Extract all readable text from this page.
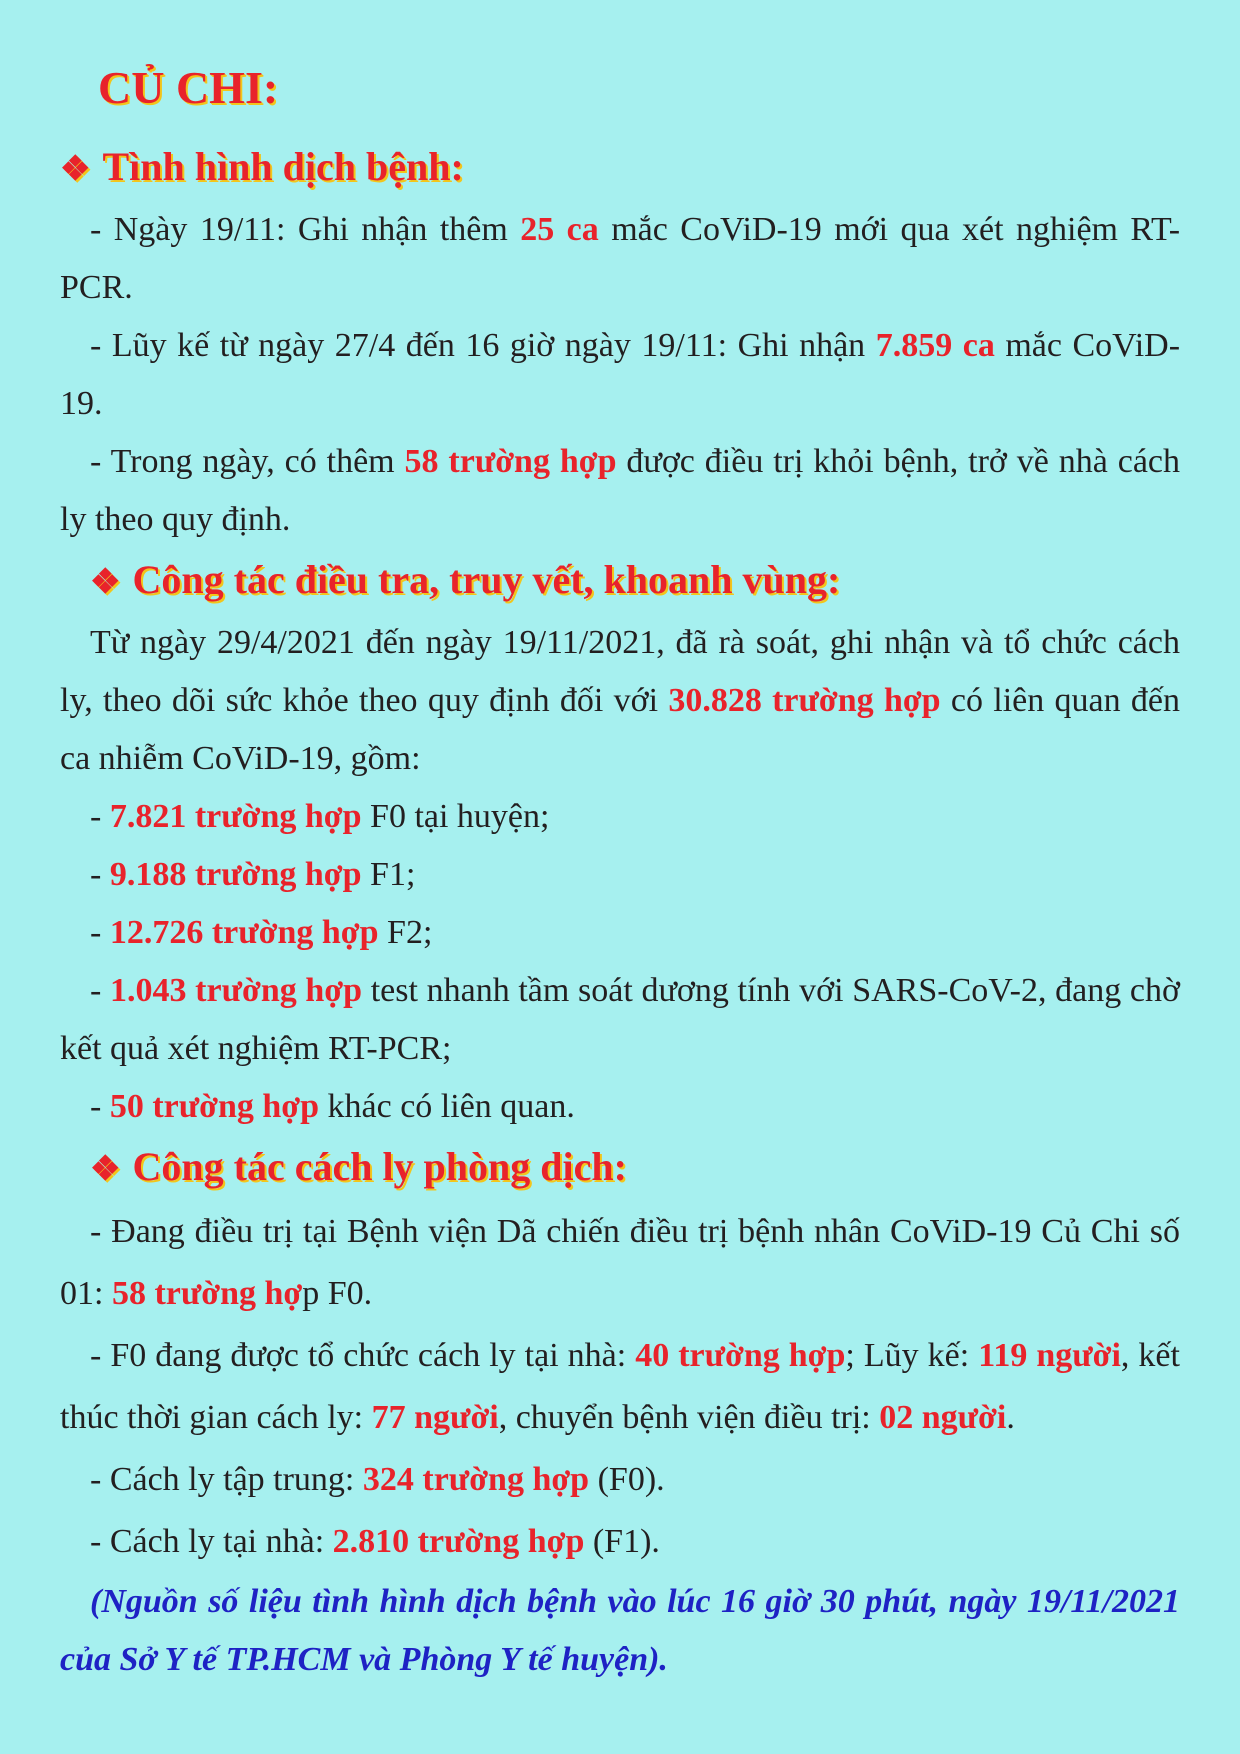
CỦ CHI:
❖ Tình hình dịch bệnh:

- Ngày 19/11: Ghi nhận thêm 25 ca mắc CoViD-19 mới qua xét nghiệm RT-PCR.

- Lũy kế từ ngày 27/4 đến 16 giờ ngày 19/11: Ghi nhận 7.859 ca mắc CoViD-19.

- Trong ngày, có thêm 58 trường hợp được điều trị khỏi bệnh, trở về nhà cách ly theo quy định.

❖ Công tác điều tra, truy vết, khoanh vùng:

Từ ngày 29/4/2021 đến ngày 19/11/2021, đã rà soát, ghi nhận và tổ chức cách ly, theo dõi sức khỏe theo quy định đối với 30.828 trường hợp có liên quan đến ca nhiễm CoViD-19, gồm:

- 7.821 trường hợp F0 tại huyện;

- 9.188 trường hợp F1;

- 12.726 trường hợp F2;

- 1.043 trường hợp test nhanh tầm soát dương tính với SARS-CoV-2, đang chờ kết quả xét nghiệm RT-PCR;

- 50 trường hợp khác có liên quan.

❖ Công tác cách ly phòng dịch:

- Đang điều trị tại Bệnh viện Dã chiến điều trị bệnh nhân CoViD-19 Củ Chi số 01: 58 trường hợp F0.

- F0 đang được tổ chức cách ly tại nhà: 40 trường hợp; Lũy kế: 119 người, kết thúc thời gian cách ly: 77 người, chuyển bệnh viện điều trị: 02 người.

- Cách ly tập trung: 324 trường hợp (F0).

- Cách ly tại nhà: 2.810 trường hợp (F1).

(Nguồn số liệu tình hình dịch bệnh vào lúc 16 giờ 30 phút, ngày 19/11/2021 của Sở Y tế TP.HCM và Phòng Y tế huyện).
